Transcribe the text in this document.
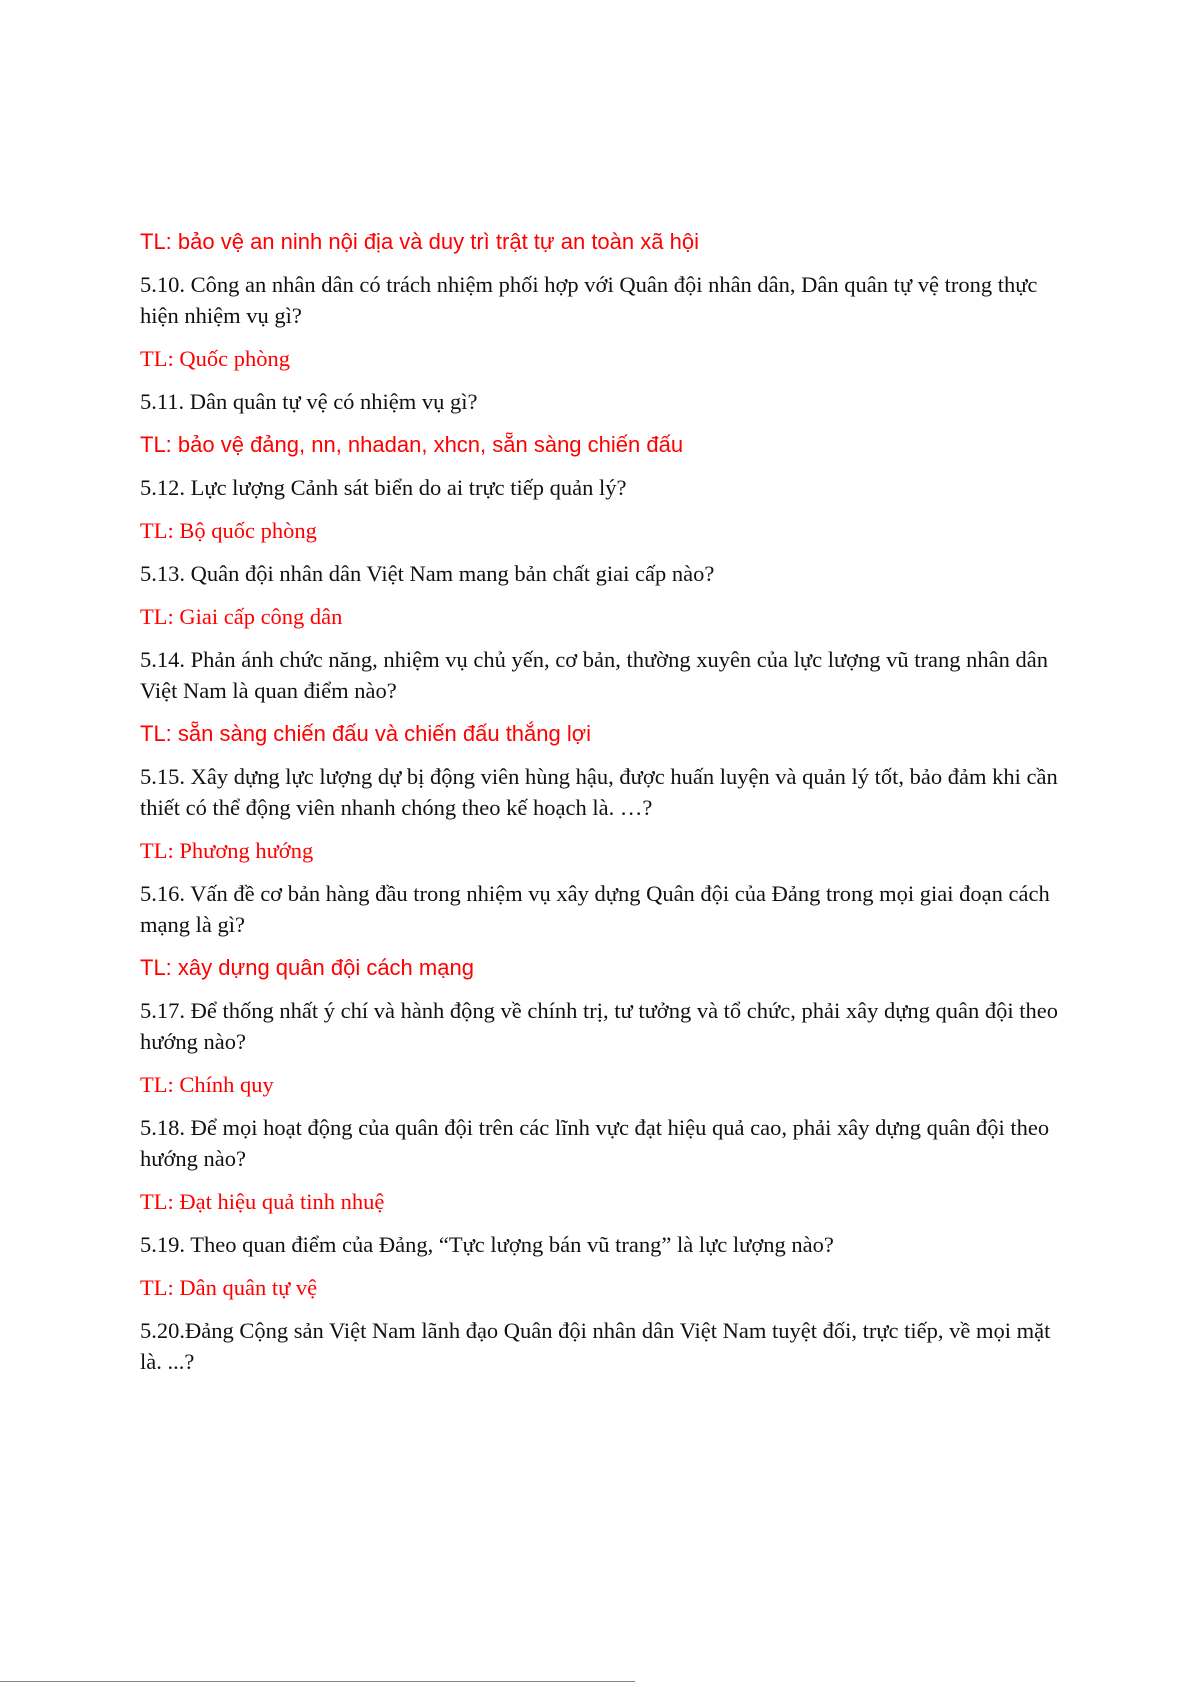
TL: bảo vệ an ninh nội địa và duy trì trật tự an toàn xã hội

5.10. Công an nhân dân có trách nhiệm phối hợp với Quân đội nhân dân, Dân quân tự vệ trong thực hiện nhiệm vụ gì?

TL: Quốc phòng

5.11. Dân quân tự vệ có nhiệm vụ gì?

TL: bảo vệ đảng, nn, nhadan, xhcn, sẵn sàng chiến đấu

5.12. Lực lượng Cảnh sát biển do ai trực tiếp quản lý?

TL: Bộ quốc phòng

5.13. Quân đội nhân dân Việt Nam mang bản chất giai cấp nào?

TL: Giai cấp công dân

5.14. Phản ánh chức năng, nhiệm vụ chủ yến, cơ bản, thường xuyên của lực lượng vũ trang nhân dân Việt Nam là quan điểm nào?

TL: sẵn sàng chiến đấu và chiến đấu thắng lợi

5.15. Xây dựng lực lượng dự bị động viên hùng hậu, được huấn luyện và quản lý tốt, bảo đảm khi cần thiết có thể động viên nhanh chóng theo kế hoạch là. …?

TL: Phương hướng

5.16. Vấn đề cơ bản hàng đầu trong nhiệm vụ xây dựng Quân đội của Đảng trong mọi giai đoạn cách mạng là gì?

TL: xây dựng quân đội cách mạng

5.17. Để thống nhất ý chí và hành động về chính trị, tư tưởng và tổ chức, phải xây dựng quân đội theo hướng nào?

TL: Chính quy

5.18. Để mọi hoạt động của quân đội trên các lĩnh vực đạt hiệu quả cao, phải xây dựng quân đội theo hướng nào?

TL: Đạt hiệu quả tinh nhuệ

5.19. Theo quan điểm của Đảng, “Tực lượng bán vũ trang” là lực lượng nào?

TL: Dân quân tự vệ

5.20.Đảng Cộng sản Việt Nam lãnh đạo Quân đội nhân dân Việt Nam tuyệt đối, trực tiếp, về mọi mặt là. ...?
